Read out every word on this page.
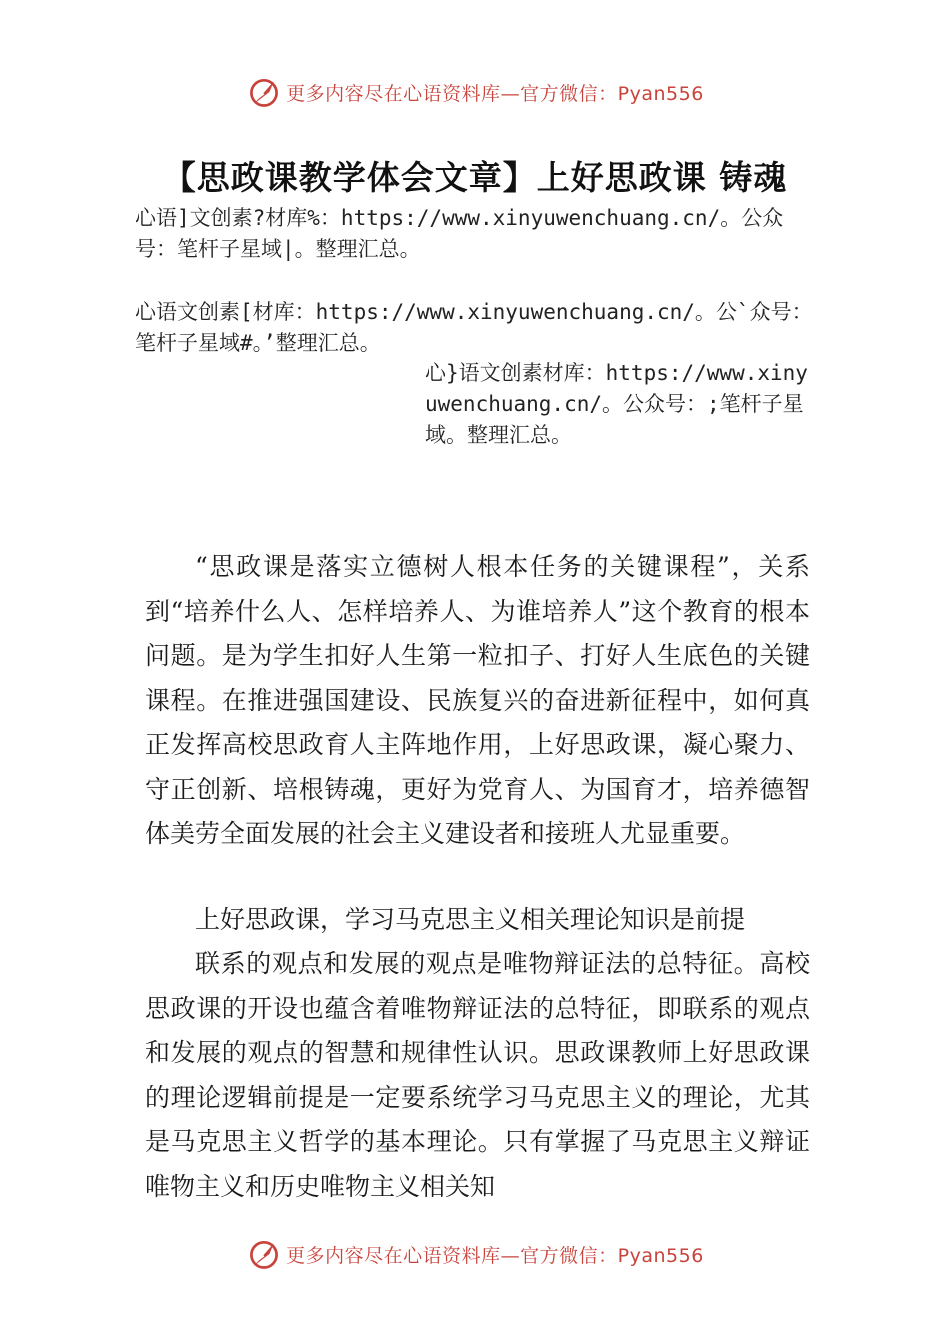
更多内容尽在心语资料库—官方微信：Pyan556
【思政课教学体会文章】上好思政课 铸魂
心语]文创素?材库%：https://www.xinyuwenchuang.cn/。公众号：笔杆子星域|。整理汇总。
心语文创素[材库：https://www.xinyuwenchuang.cn/。公`众号：笔杆子星域#。’整理汇总。
心}语文创素材库：https://www.xinyuwenchuang.cn/。公众号：;笔杆子星域。整理汇总。

“思政课是落实立德树人根本任务的关键课程”，关系到“培养什么人、怎样培养人、为谁培养人”这个教育的根本问题。是为学生扣好人生第一粒扣子、打好人生底色的关键课程。在推进强国建设、民族复兴的奋进新征程中，如何真正发挥高校思政育人主阵地作用，上好思政课，凝心聚力、守正创新、培根铸魂，更好为党育人、为国育才，培养德智体美劳全面发展的社会主义建设者和接班人尤显重要。

上好思政课，学习马克思主义相关理论知识是前提

联系的观点和发展的观点是唯物辩证法的总特征。高校思政课的开设也蕴含着唯物辩证法的总特征，即联系的观点和发展的观点的智慧和规律性认识。思政课教师上好思政课的理论逻辑前提是一定要系统学习马克思主义的理论，尤其是马克思主义哲学的基本理论。只有掌握了马克思主义辩证唯物主义和历史唯物主义相关知

更多内容尽在心语资料库—官方微信：Pyan556
